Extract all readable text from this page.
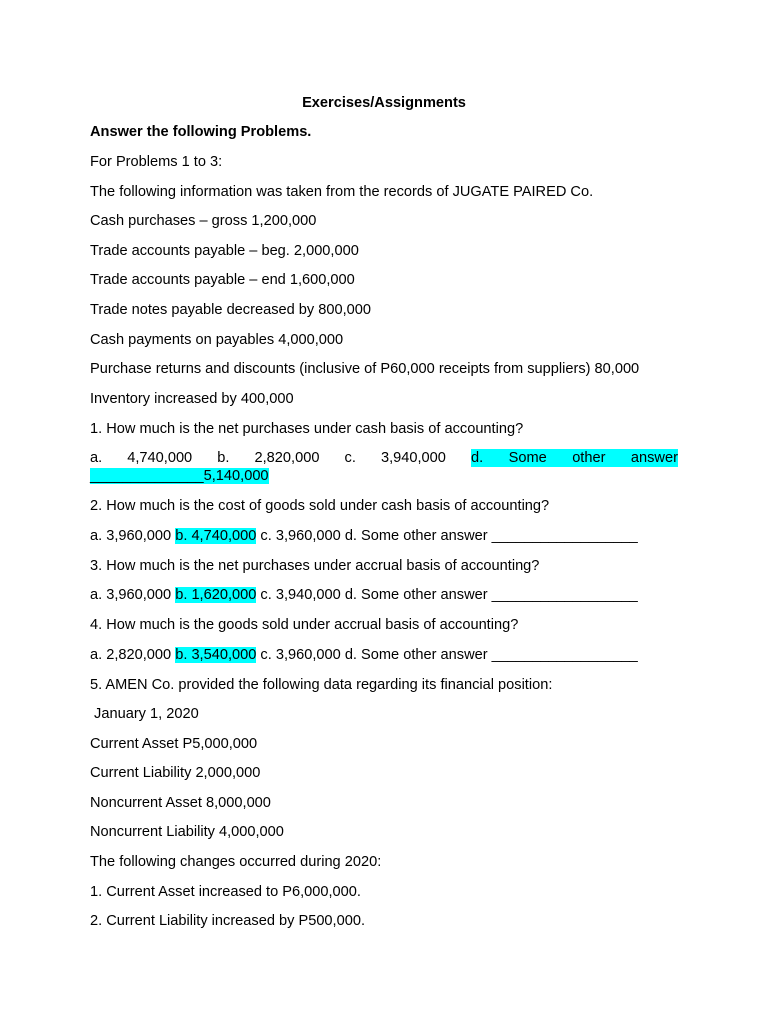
Exercises/Assignments
Answer the following Problems.
For Problems 1 to 3:
The following information was taken from the records of JUGATE PAIRED Co.
Cash purchases – gross 1,200,000
Trade accounts payable – beg. 2,000,000
Trade accounts payable – end 1,600,000
Trade notes payable decreased by 800,000
Cash payments on payables 4,000,000
Purchase returns and discounts (inclusive of P60,000 receipts from suppliers) 80,000
Inventory increased by 400,000
1. How much is the net purchases under cash basis of accounting?
a. 4,740,000 b. 2,820,000 c. 3,940,000 d. Some other answer
______________5,140,000
2. How much is the cost of goods sold under cash basis of accounting?
a. 3,960,000 b. 4,740,000 c. 3,960,000 d. Some other answer __________________
3. How much is the net purchases under accrual basis of accounting?
a. 3,960,000 b. 1,620,000 c. 3,940,000 d. Some other answer __________________
4. How much is the goods sold under accrual basis of accounting?
a. 2,820,000 b. 3,540,000 c. 3,960,000 d. Some other answer __________________
5. AMEN Co. provided the following data regarding its financial position:
January 1, 2020
Current Asset P5,000,000
Current Liability 2,000,000
Noncurrent Asset 8,000,000
Noncurrent Liability 4,000,000
The following changes occurred during 2020:
1. Current Asset increased to P6,000,000.
2. Current Liability increased by P500,000.
